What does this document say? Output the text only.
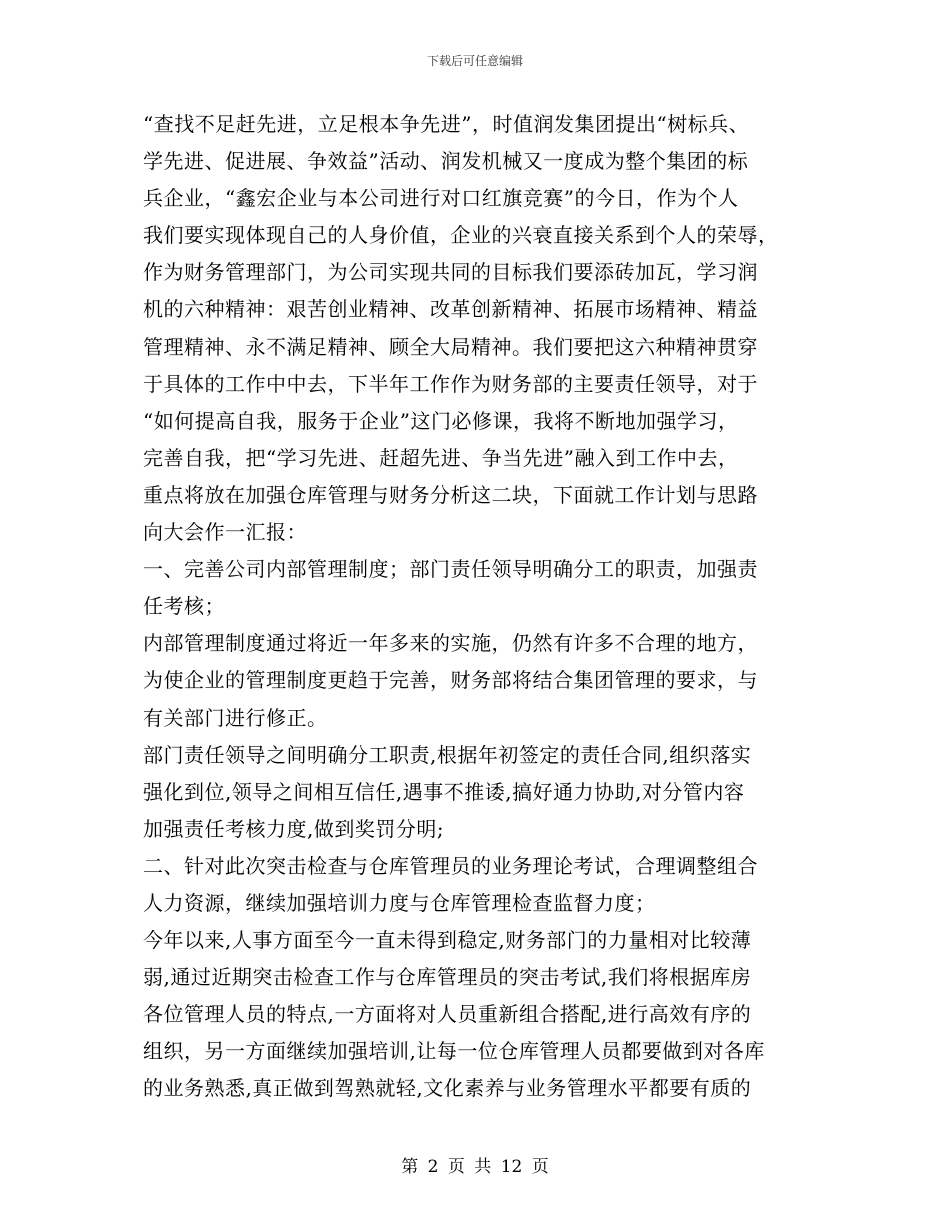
下载后可任意编辑
“查找不足赶先进，立足根本争先进”，时值润发集团提出“树标兵、
学先进、促进展、争效益”活动、润发机械又一度成为整个集团的标
兵企业，“鑫宏企业与本公司进行对口红旗竞赛”的今日，作为个人
我们要实现体现自己的人身价值，企业的兴衰直接关系到个人的荣辱，
作为财务管理部门，为公司实现共同的目标我们要添砖加瓦，学习润
机的六种精神：艰苦创业精神、改革创新精神、拓展市场精神、精益
管理精神、永不满足精神、顾全大局精神。我们要把这六种精神贯穿
于具体的工作中中去，下半年工作作为财务部的主要责任领导，对于
“如何提高自我，服务于企业”这门必修课，我将不断地加强学习，
完善自我，把“学习先进、赶超先进、争当先进”融入到工作中去，
重点将放在加强仓库管理与财务分析这二块，下面就工作计划与思路
向大会作一汇报：
一、完善公司内部管理制度；部门责任领导明确分工的职责，加强责
任考核；
内部管理制度通过将近一年多来的实施，仍然有许多不合理的地方，
为使企业的管理制度更趋于完善，财务部将结合集团管理的要求，与
有关部门进行修正。
部门责任领导之间明确分工职责,根据年初签定的责任合同,组织落实
强化到位,领导之间相互信任,遇事不推诿,搞好通力协助,对分管内容
加强责任考核力度,做到奖罚分明;
二、针对此次突击检查与仓库管理员的业务理论考试，合理调整组合
人力资源，继续加强培训力度与仓库管理检查监督力度；
今年以来,人事方面至今一直未得到稳定,财务部门的力量相对比较薄
弱,通过近期突击检查工作与仓库管理员的突击考试,我们将根据库房
各位管理人员的特点,一方面将对人员重新组合搭配,进行高效有序的
组织，另一方面继续加强培训,让每一位仓库管理人员都要做到对各库
的业务熟悉,真正做到驾熟就轻,文化素养与业务管理水平都要有质的
第 2 页 共 12 页
